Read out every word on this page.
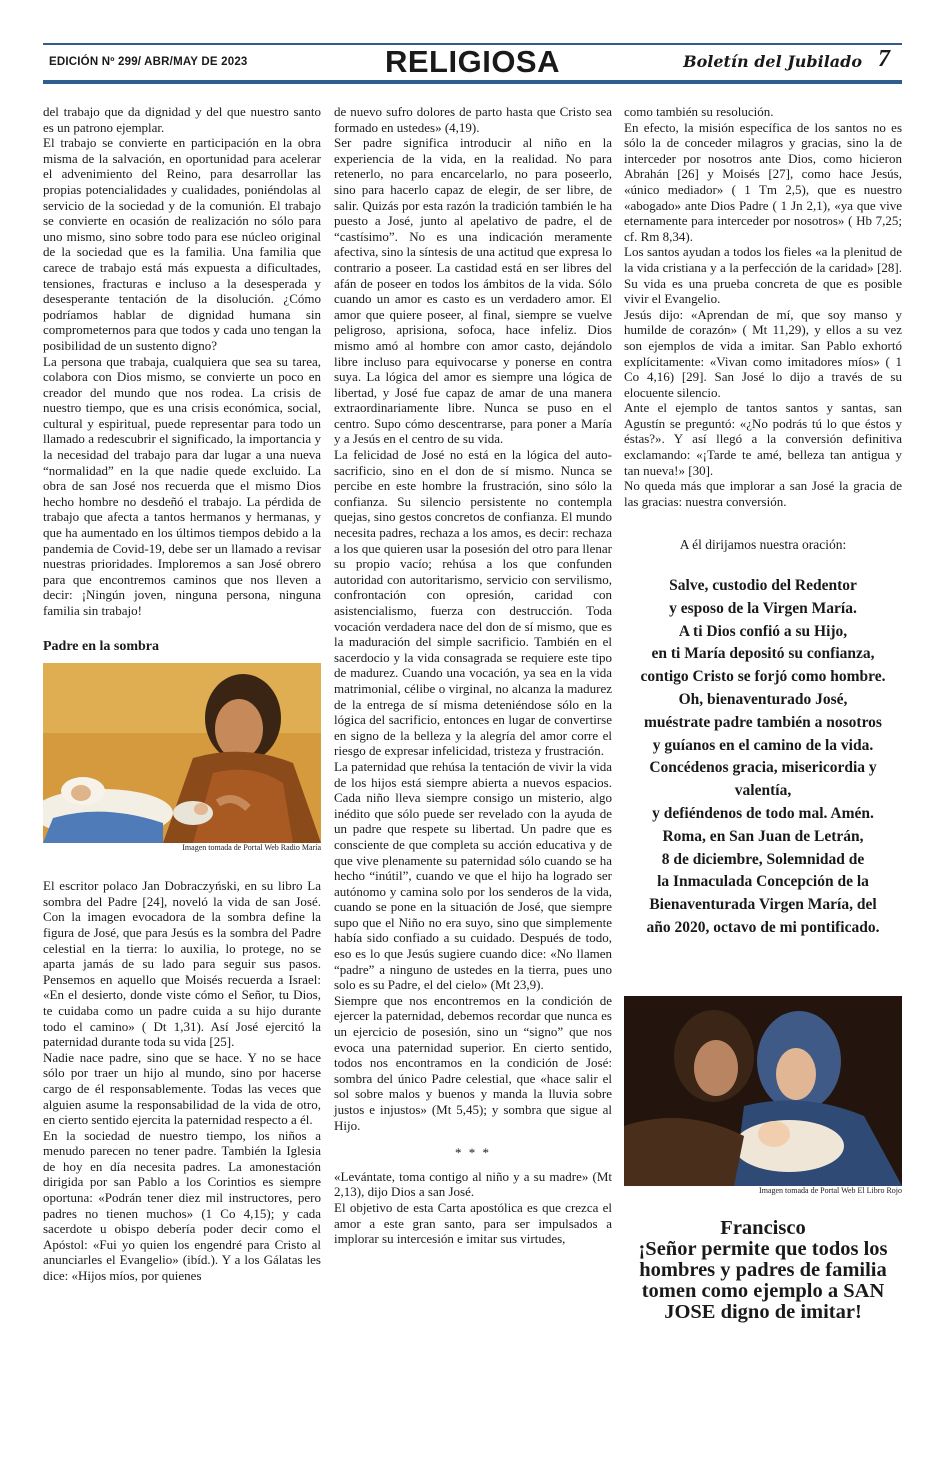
EDICIÓN Nº 299/ ABR/MAY DE 2023	RELIGIOSA	Boletín del Jubilado 7

del trabajo que da dignidad y del que nuestro santo es un patrono ejemplar.

El trabajo se convierte en participación en la obra misma de la salvación, en oportunidad para acelerar el advenimiento del Reino, para desarrollar las propias potencialidades y cualidades, poniéndolas al servicio de la sociedad y de la comunión. El trabajo se convierte en ocasión de realización no sólo para uno mismo, sino sobre todo para ese núcleo original de la sociedad que es la familia. Una familia que carece de trabajo está más expuesta a dificultades, tensiones, fracturas e incluso a la desesperada y desesperante tentación de la disolución. ¿Cómo podríamos hablar de dignidad humana sin comprometernos para que todos y cada uno tengan la posibilidad de un sustento digno?

La persona que trabaja, cualquiera que sea su tarea, colabora con Dios mismo, se convierte un poco en creador del mundo que nos rodea. La crisis de nuestro tiempo, que es una crisis económica, social, cultural y espiritual, puede representar para todo un llamado a redescubrir el significado, la importancia y la necesidad del trabajo para dar lugar a una nueva “normalidad” en la que nadie quede excluido. La obra de san José nos recuerda que el mismo Dios hecho hombre no desdeñó el trabajo. La pérdida de trabajo que afecta a tantos hermanos y hermanas, y que ha aumentado en los últimos tiempos debido a la pandemia de Covid-19, debe ser un llamado a revisar nuestras prioridades. Imploremos a san José obrero para que encontremos caminos que nos lleven a decir: ¡Ningún joven, ninguna persona, ninguna familia sin trabajo!

Padre en la sombra

Imagen tomada de Portal Web Radio María

El escritor polaco Jan Dobraczyński, en su libro La sombra del Padre [24], noveló la vida de san José. Con la imagen evocadora de la sombra define la figura de José, que para Jesús es la sombra del Padre celestial en la tierra: lo auxilia, lo protege, no se aparta jamás de su lado para seguir sus pasos. Pensemos en aquello que Moisés recuerda a Israel: «En el desierto, donde viste cómo el Señor, tu Dios, te cuidaba como un padre cuida a su hijo durante todo el camino» ( Dt 1,31). Así José ejercitó la paternidad durante toda su vida [25].

Nadie nace padre, sino que se hace. Y no se hace sólo por traer un hijo al mundo, sino por hacerse cargo de él responsablemente. Todas las veces que alguien asume la responsabilidad de la vida de otro, en cierto sentido ejercita la paternidad respecto a él.

En la sociedad de nuestro tiempo, los niños a menudo parecen no tener padre. También la Iglesia de hoy en día necesita padres. La amonestación dirigida por san Pablo a los Corintios es siempre oportuna: «Podrán tener diez mil instructores, pero padres no tienen muchos» (1 Co 4,15); y cada sacerdote u obispo debería poder decir como el Apóstol: «Fui yo quien los engendré para Cristo al anunciarles el Evangelio» (ibíd.). Y a los Gálatas les dice: «Hijos míos, por quienes

de nuevo sufro dolores de parto hasta que Cristo sea formado en ustedes» (4,19).

Ser padre significa introducir al niño en la experiencia de la vida, en la realidad. No para retenerlo, no para encarcelarlo, no para poseerlo, sino para hacerlo capaz de elegir, de ser libre, de salir. Quizás por esta razón la tradición también le ha puesto a José, junto al apelativo de padre, el de “castísimo”. No es una indicación meramente afectiva, sino la síntesis de una actitud que expresa lo contrario a poseer. La castidad está en ser libres del afán de poseer en todos los ámbitos de la vida. Sólo cuando un amor es casto es un verdadero amor. El amor que quiere poseer, al final, siempre se vuelve peligroso, aprisiona, sofoca, hace infeliz. Dios mismo amó al hombre con amor casto, dejándolo libre incluso para equivocarse y ponerse en contra suya. La lógica del amor es siempre una lógica de libertad, y José fue capaz de amar de una manera extraordinariamente libre. Nunca se puso en el centro. Supo cómo descentrarse, para poner a María y a Jesús en el centro de su vida.

La felicidad de José no está en la lógica del auto-sacrificio, sino en el don de sí mismo. Nunca se percibe en este hombre la frustración, sino sólo la confianza. Su silencio persistente no contempla quejas, sino gestos concretos de confianza. El mundo necesita padres, rechaza a los amos, es decir: rechaza a los que quieren usar la posesión del otro para llenar su propio vacío; rehúsa a los que confunden autoridad con autoritarismo, servicio con servilismo, confrontación con opresión, caridad con asistencialismo, fuerza con destrucción. Toda vocación verdadera nace del don de sí mismo, que es la maduración del simple sacrificio. También en el sacerdocio y la vida consagrada se requiere este tipo de madurez. Cuando una vocación, ya sea en la vida matrimonial, célibe o virginal, no alcanza la madurez de la entrega de sí misma deteniéndose sólo en la lógica del sacrificio, entonces en lugar de convertirse en signo de la belleza y la alegría del amor corre el riesgo de expresar infelicidad, tristeza y frustración.

La paternidad que rehúsa la tentación de vivir la vida de los hijos está siempre abierta a nuevos espacios. Cada niño lleva siempre consigo un misterio, algo inédito que sólo puede ser revelado con la ayuda de un padre que respete su libertad. Un padre que es consciente de que completa su acción educativa y de que vive plenamente su paternidad sólo cuando se ha hecho “inútil”, cuando ve que el hijo ha logrado ser autónomo y camina solo por los senderos de la vida, cuando se pone en la situación de José, que siempre supo que el Niño no era suyo, sino que simplemente había sido confiado a su cuidado. Después de todo, eso es lo que Jesús sugiere cuando dice: «No llamen “padre” a ninguno de ustedes en la tierra, pues uno solo es su Padre, el del cielo» (Mt 23,9).

Siempre que nos encontremos en la condición de ejercer la paternidad, debemos recordar que nunca es un ejercicio de posesión, sino un “signo” que nos evoca una paternidad superior. En cierto sentido, todos nos encontramos en la condición de José: sombra del único Padre celestial, que «hace salir el sol sobre malos y buenos y manda la lluvia sobre justos e injustos» (Mt 5,45); y sombra que sigue al Hijo.

* * *

«Levántate, toma contigo al niño y a su madre» (Mt 2,13), dijo Dios a san José.

El objetivo de esta Carta apostólica es que crezca el amor a este gran santo, para ser impulsados a implorar su intercesión e imitar sus virtudes,

como también su resolución.

En efecto, la misión específica de los santos no es sólo la de conceder milagros y gracias, sino la de interceder por nosotros ante Dios, como hicieron Abrahán [26] y Moisés [27], como hace Jesús, «único mediador» ( 1 Tm 2,5), que es nuestro «abogado» ante Dios Padre ( 1 Jn 2,1), «ya que vive eternamente para interceder por nosotros» ( Hb 7,25; cf. Rm 8,34).

Los santos ayudan a todos los fieles «a la plenitud de la vida cristiana y a la perfección de la caridad» [28]. Su vida es una prueba concreta de que es posible vivir el Evangelio.

Jesús dijo: «Aprendan de mí, que soy manso y humilde de corazón» ( Mt 11,29), y ellos a su vez son ejemplos de vida a imitar. San Pablo exhortó explícitamente: «Vivan como imitadores míos» ( 1 Co 4,16) [29]. San José lo dijo a través de su elocuente silencio.

Ante el ejemplo de tantos santos y santas, san Agustín se preguntó: «¿No podrás tú lo que éstos y éstas?». Y así llegó a la conversión definitiva exclamando: «¡Tarde te amé, belleza tan antigua y tan nueva!» [30].

No queda más que implorar a san José la gracia de las gracias: nuestra conversión.

A él dirijamos nuestra oración:

Salve, custodio del Redentor

y esposo de la Virgen María.

A ti Dios confió a su Hijo,

en ti María depositó su confianza,

contigo Cristo se forjó como hombre.

Oh, bienaventurado José,

muéstrate padre también a nosotros

y guíanos en el camino de la vida.

Concédenos gracia, misericordia y valentía,

y defiéndenos de todo mal. Amén.

Roma, en San Juan de Letrán,

8 de diciembre, Solemnidad de

la Inmaculada Concepción de la

Bienaventurada Virgen María, del

año 2020, octavo de mi pontificado.

Imagen tomada de Portal Web El Libro Rojo

Francisco

¡Señor permite que todos los hombres y padres de familia tomen como ejemplo a SAN JOSE digno de imitar!
